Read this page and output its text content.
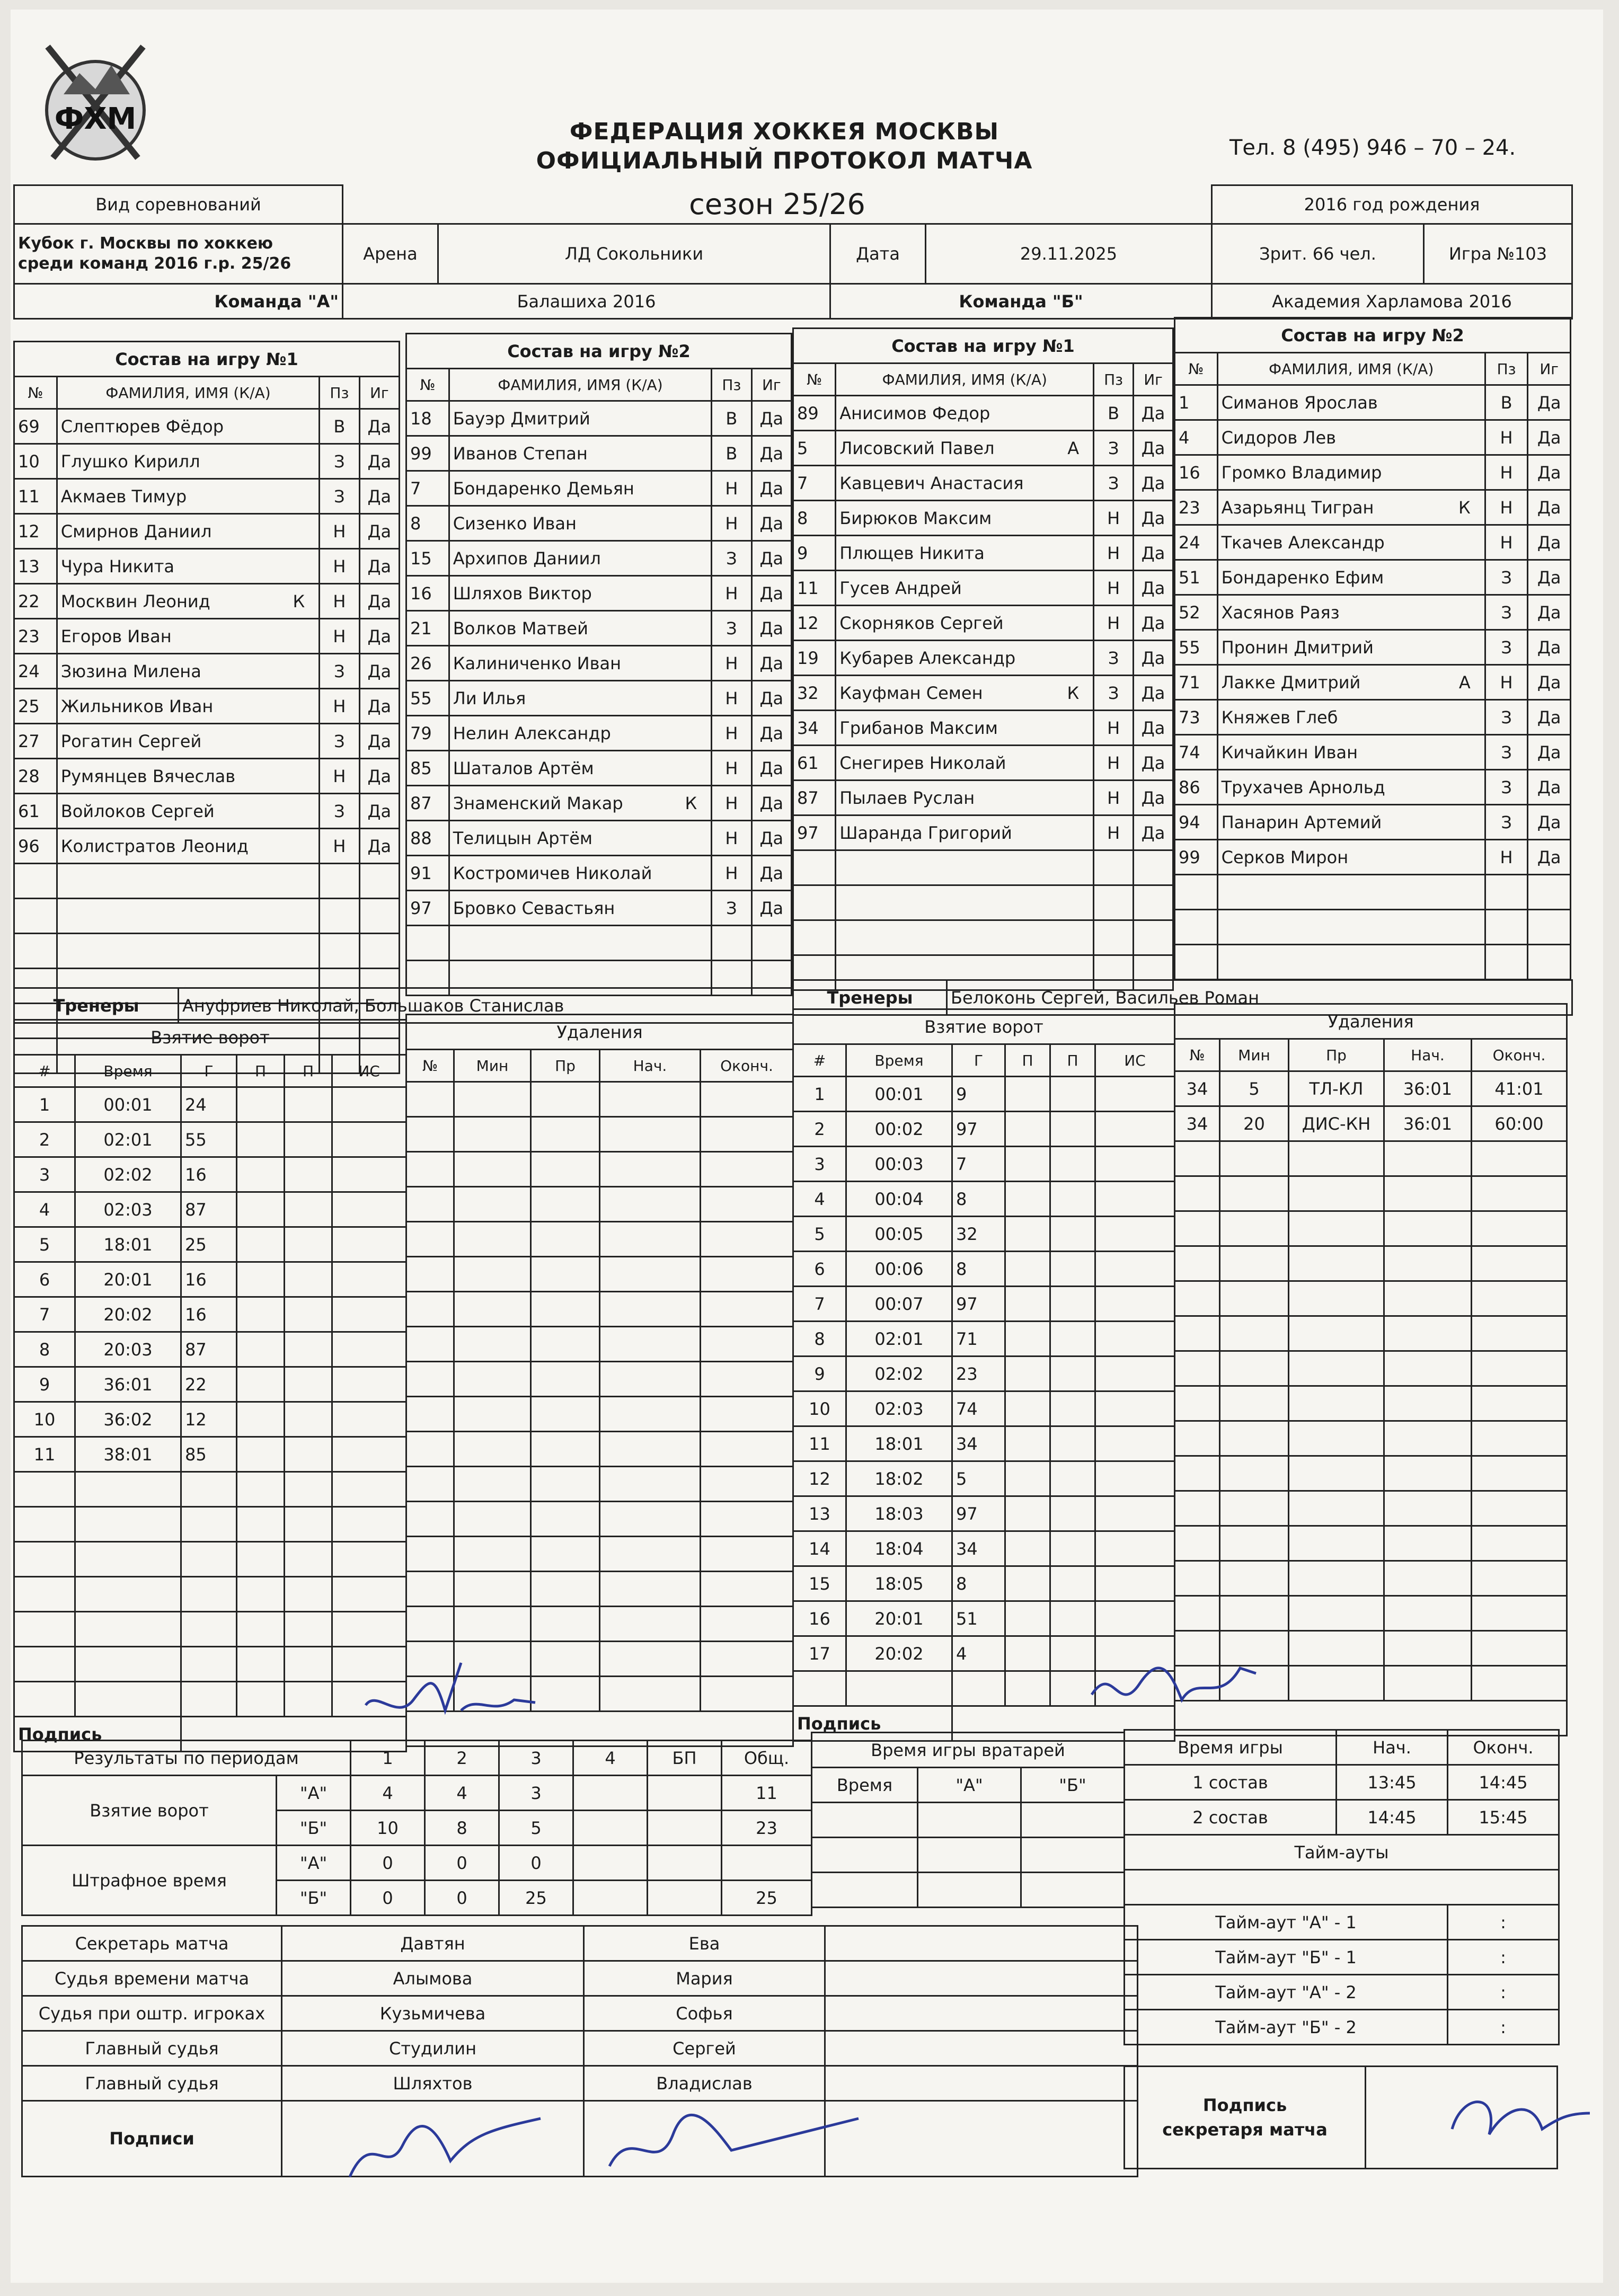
ФХМ	ФЕДЕРАЦИЯ ХОККЕЯ МОСКВЫ
ОФИЦИАЛЬНЫЙ ПРОТОКОЛ МАТЧА	Тел. 8 (495) 946 – 70 – 24.
Вид соревнований	сезон 25/26				2016 год рождения	
Кубок г. Москвы по хоккею
среди команд 2016 г.р. 25/26	Арена	ЛД Сокольники	Дата	29.11.2025	Зрит. 66 чел.	Игра №103
Команда "А"	Балашиха 2016		Команда "Б"		Академия Харламова 2016	
Состав на игру №1			
№	ФАМИЛИЯ, ИМЯ (К/А)	Пз	Иг
69	Слептюрев Фёдор	В	Да
10	Глушко Кирилл	З	Да
11	Акмаев Тимур	З	Да
12	Смирнов Даниил	Н	Да
13	Чура Никита	Н	Да
22	Москвин Леонид К	Н	Да
23	Егоров Иван	Н	Да
24	Зюзина Милена	З	Да
25	Жильников Иван	Н	Да
27	Рогатин Сергей	З	Да
28	Румянцев Вячеслав	Н	Да
61	Войлоков Сергей	З	Да
96	Колистратов Леонид	Н	Да

Состав на игру №2			
№	ФАМИЛИЯ, ИМЯ (К/А)	Пз	Иг
18	Бауэр Дмитрий	В	Да
99	Иванов Степан	В	Да
7	Бондаренко Демьян	Н	Да
8	Сизенко Иван	Н	Да
15	Архипов Даниил	З	Да
16	Шляхов Виктор	Н	Да
21	Волков Матвей	З	Да
26	Калиниченко Иван	Н	Да
55	Ли Илья	Н	Да
79	Нелин Александр	Н	Да
85	Шаталов Артём	Н	Да
87	Знаменский Макар К	Н	Да
88	Телицын Артём	Н	Да
91	Костромичев Николай	Н	Да
97	Бровко Севастьян	З	Да

Состав на игру №1			
№	ФАМИЛИЯ, ИМЯ (К/А)	Пз	Иг
89	Анисимов Федор	В	Да
5	Лисовский Павел А	З	Да
7	Кавцевич Анастасия	З	Да
8	Бирюков Максим	Н	Да
9	Плющев Никита	Н	Да
11	Гусев Андрей	Н	Да
12	Скорняков Сергей	Н	Да
19	Кубарев Александр	З	Да
32	Кауфман Семен К	З	Да
34	Грибанов Максим	Н	Да
61	Снегирев Николай	Н	Да
87	Пылаев Руслан	Н	Да
97	Шаранда Григорий	Н	Да

Состав на игру №2			
№	ФАМИЛИЯ, ИМЯ (К/А)	Пз	Иг
1	Симанов Ярослав	В	Да
4	Сидоров Лев	Н	Да
16	Громко Владимир	Н	Да
23	Азарьянц Тигран К	Н	Да
24	Ткачев Александр	Н	Да
51	Бондаренко Ефим	З	Да
52	Хасянов Раяз	З	Да
55	Пронин Дмитрий	З	Да
71	Лакке Дмитрий А	Н	Да
73	Княжев Глеб	З	Да
74	Кичайкин Иван	З	Да
86	Трухачев Арнольд	З	Да
94	Панарин Артемий	З	Да
99	Серков Мирон	Н	Да

Тренеры	Ануфриев Николай, Большаков Станислав	Тренеры	Белоконь Сергей, Васильев Роман
Взятие ворот					
#	Время	Г	П	П	ИС
1	00:01	24			
2	02:01	55			
3	02:02	16			
4	02:03	87			
5	18:01	25			
6	20:01	16			
7	20:02	16			
8	20:03	87			
9	36:01	22			
10	36:02	12			
11	38:01	85			

Подпись					
Удаления				
№	Мин	Пр	Нач.	Оконч.

Взятие ворот					
#	Время	Г	П	П	ИС
1	00:01	9			
2	00:02	97			
3	00:03	7			
4	00:04	8			
5	00:05	32			
6	00:06	8			
7	00:07	97			
8	02:01	71			
9	02:02	23			
10	02:03	74			
11	18:01	34			
12	18:02	5			
13	18:03	97			
14	18:04	34			
15	18:05	8			
16	20:01	51			
17	20:02	4			

Подпись					
Удаления				
№	Мин	Пр	Нач.	Оконч.
34	5	ТЛ-КЛ	36:01	41:01
34	20	ДИС-КН	36:01	60:00

Результаты по периодам		1	2	3	4	БП	Общ.
Взятие ворот	"А"	4	4	3			11
	"Б"	10	8	5			23
Штрафное время	"А"	0	0	0			
	"Б"	0	0	25			25
Время игры вратарей		
Время	"А"	"Б"

Время игры	Нач.	Оконч.
1 состав	13:45	14:45
2 состав	14:45	15:45
Тайм-ауты		

Тайм-аут "А" - 1		:
Тайм-аут "Б" - 1		:
Тайм-аут "А" - 2		:
Тайм-аут "Б" - 2		:
Секретарь матча	Давтян	Ева	
Судья времени матча	Алымова	Мария	
Судья при оштр. игроках	Кузьмичева	Софья	
Главный судья	Студилин	Сергей	
Главный судья	Шляхтов	Владислав	
Подписи			
Подпись
секретаря матча	
